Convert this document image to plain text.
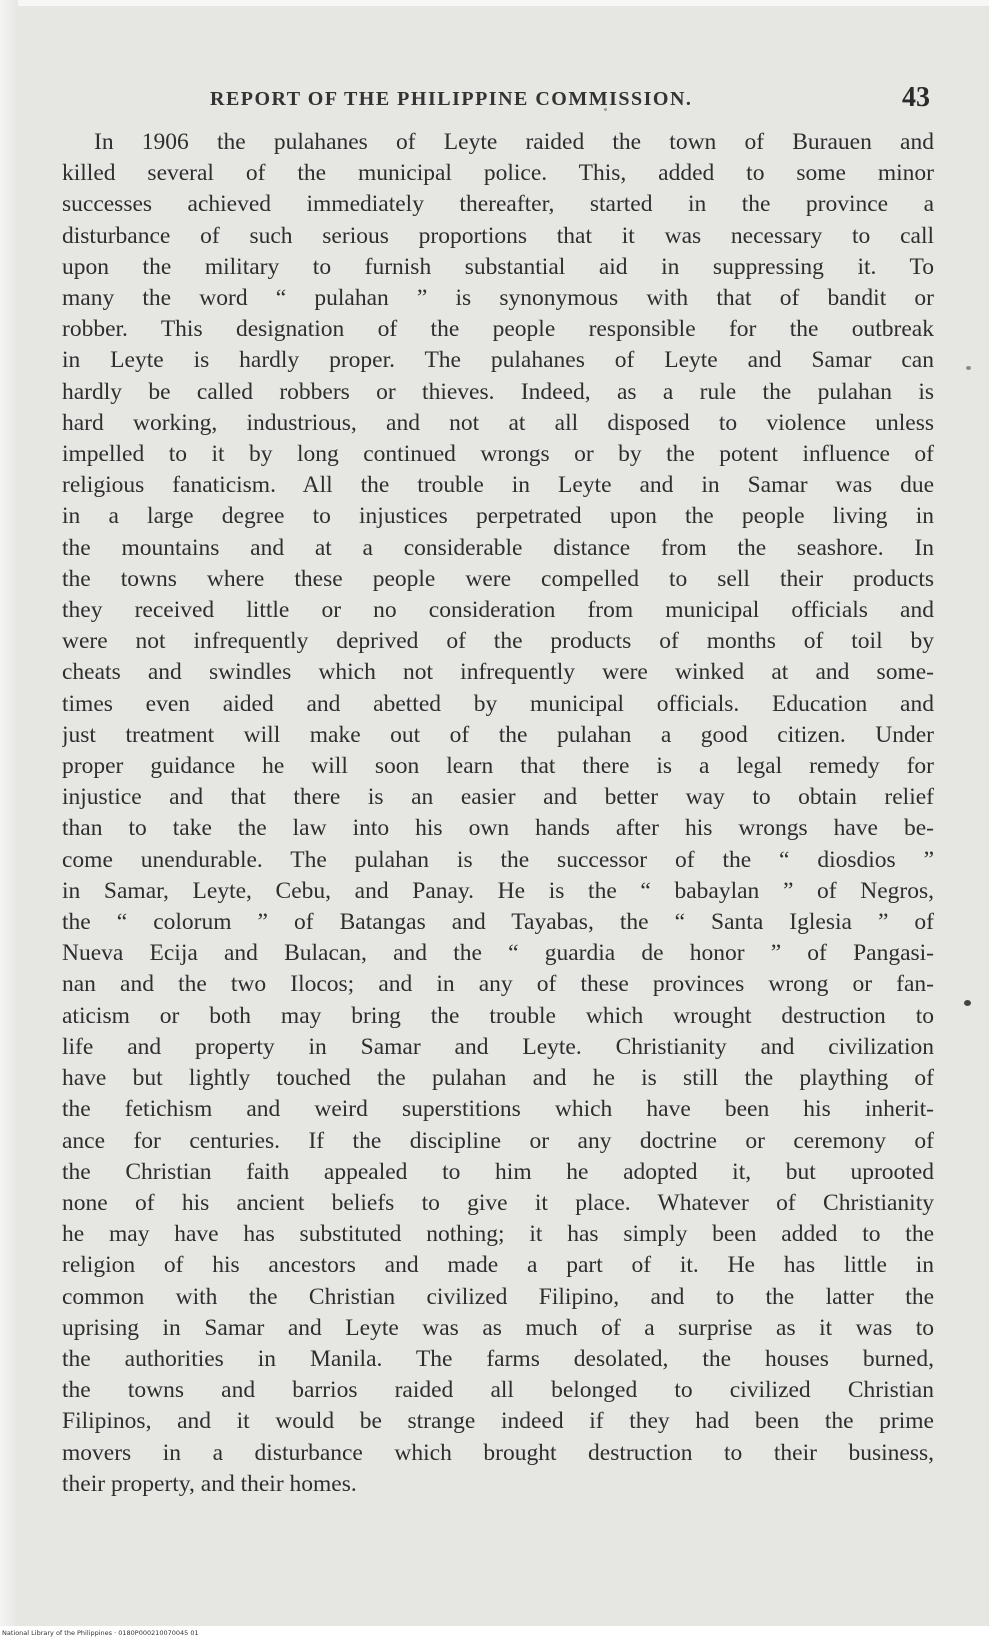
REPORT OF THE PHILIPPINE COMMISSION.	43
In 1906 the pulahanes of Leyte raided the town of Burauen and
killed several of the municipal police. This, added to some minor
successes achieved immediately thereafter, started in the province a
disturbance of such serious proportions that it was necessary to call
upon the military to furnish substantial aid in suppressing it. To
many the word “ pulahan ” is synonymous with that of bandit or
robber. This designation of the people responsible for the outbreak
in Leyte is hardly proper. The pulahanes of Leyte and Samar can
hardly be called robbers or thieves. Indeed, as a rule the pulahan is
hard working, industrious, and not at all disposed to violence unless
impelled to it by long continued wrongs or by the potent influence of
religious fanaticism. All the trouble in Leyte and in Samar was due
in a large degree to injustices perpetrated upon the people living in
the mountains and at a considerable distance from the seashore. In
the towns where these people were compelled to sell their products
they received little or no consideration from municipal officials and
were not infrequently deprived of the products of months of toil by
cheats and swindles which not infrequently were winked at and some-
times even aided and abetted by municipal officials. Education and
just treatment will make out of the pulahan a good citizen. Under
proper guidance he will soon learn that there is a legal remedy for
injustice and that there is an easier and better way to obtain relief
than to take the law into his own hands after his wrongs have be-
come unendurable. The pulahan is the successor of the “ diosdios ”
in Samar, Leyte, Cebu, and Panay. He is the “ babaylan ” of Negros,
the “ colorum ” of Batangas and Tayabas, the “ Santa Iglesia ” of
Nueva Ecija and Bulacan, and the “ guardia de honor ” of Pangasi-
nan and the two Ilocos; and in any of these provinces wrong or fan-
aticism or both may bring the trouble which wrought destruction to
life and property in Samar and Leyte. Christianity and civilization
have but lightly touched the pulahan and he is still the plaything of
the fetichism and weird superstitions which have been his inherit-
ance for centuries. If the discipline or any doctrine or ceremony of
the Christian faith appealed to him he adopted it, but uprooted
none of his ancient beliefs to give it place. Whatever of Christianity
he may have has substituted nothing; it has simply been added to the
religion of his ancestors and made a part of it. He has little in
common with the Christian civilized Filipino, and to the latter the
uprising in Samar and Leyte was as much of a surprise as it was to
the authorities in Manila. The farms desolated, the houses burned,
the towns and barrios raided all belonged to civilized Christian
Filipinos, and it would be strange indeed if they had been the prime
movers in a disturbance which brought destruction to their business,
their property, and their homes.
National Library of the Philippines · 0180P000210070045 01
